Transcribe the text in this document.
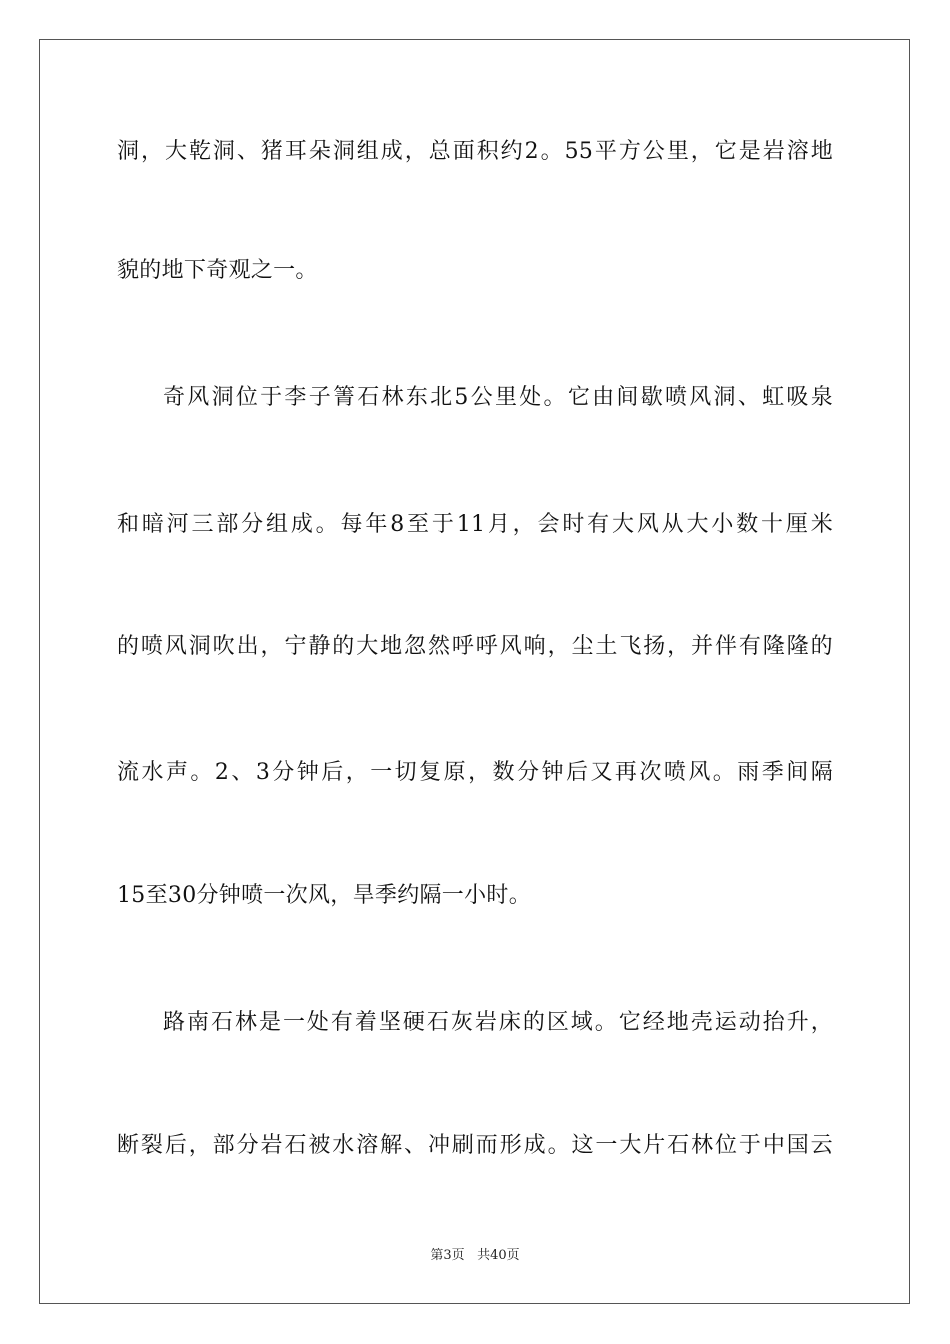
洞，大乾洞、猪耳朵洞组成，总面积约2。55平方公里，它是岩溶地
貌的地下奇观之一。
奇风洞位于李子箐石林东北5公里处。它由间歇喷风洞、虹吸泉
和暗河三部分组成。每年8至于11月，会时有大风从大小数十厘米
的喷风洞吹出，宁静的大地忽然呼呼风响，尘土飞扬，并伴有隆隆的
流水声。2、3分钟后，一切复原，数分钟后又再次喷风。雨季间隔
15至30分钟喷一次风，旱季约隔一小时。
路南石林是一处有着坚硬石灰岩床的区域。它经地壳运动抬升，
断裂后，部分岩石被水溶解、冲刷而形成。这一大片石林位于中国云
第3页 共40页
